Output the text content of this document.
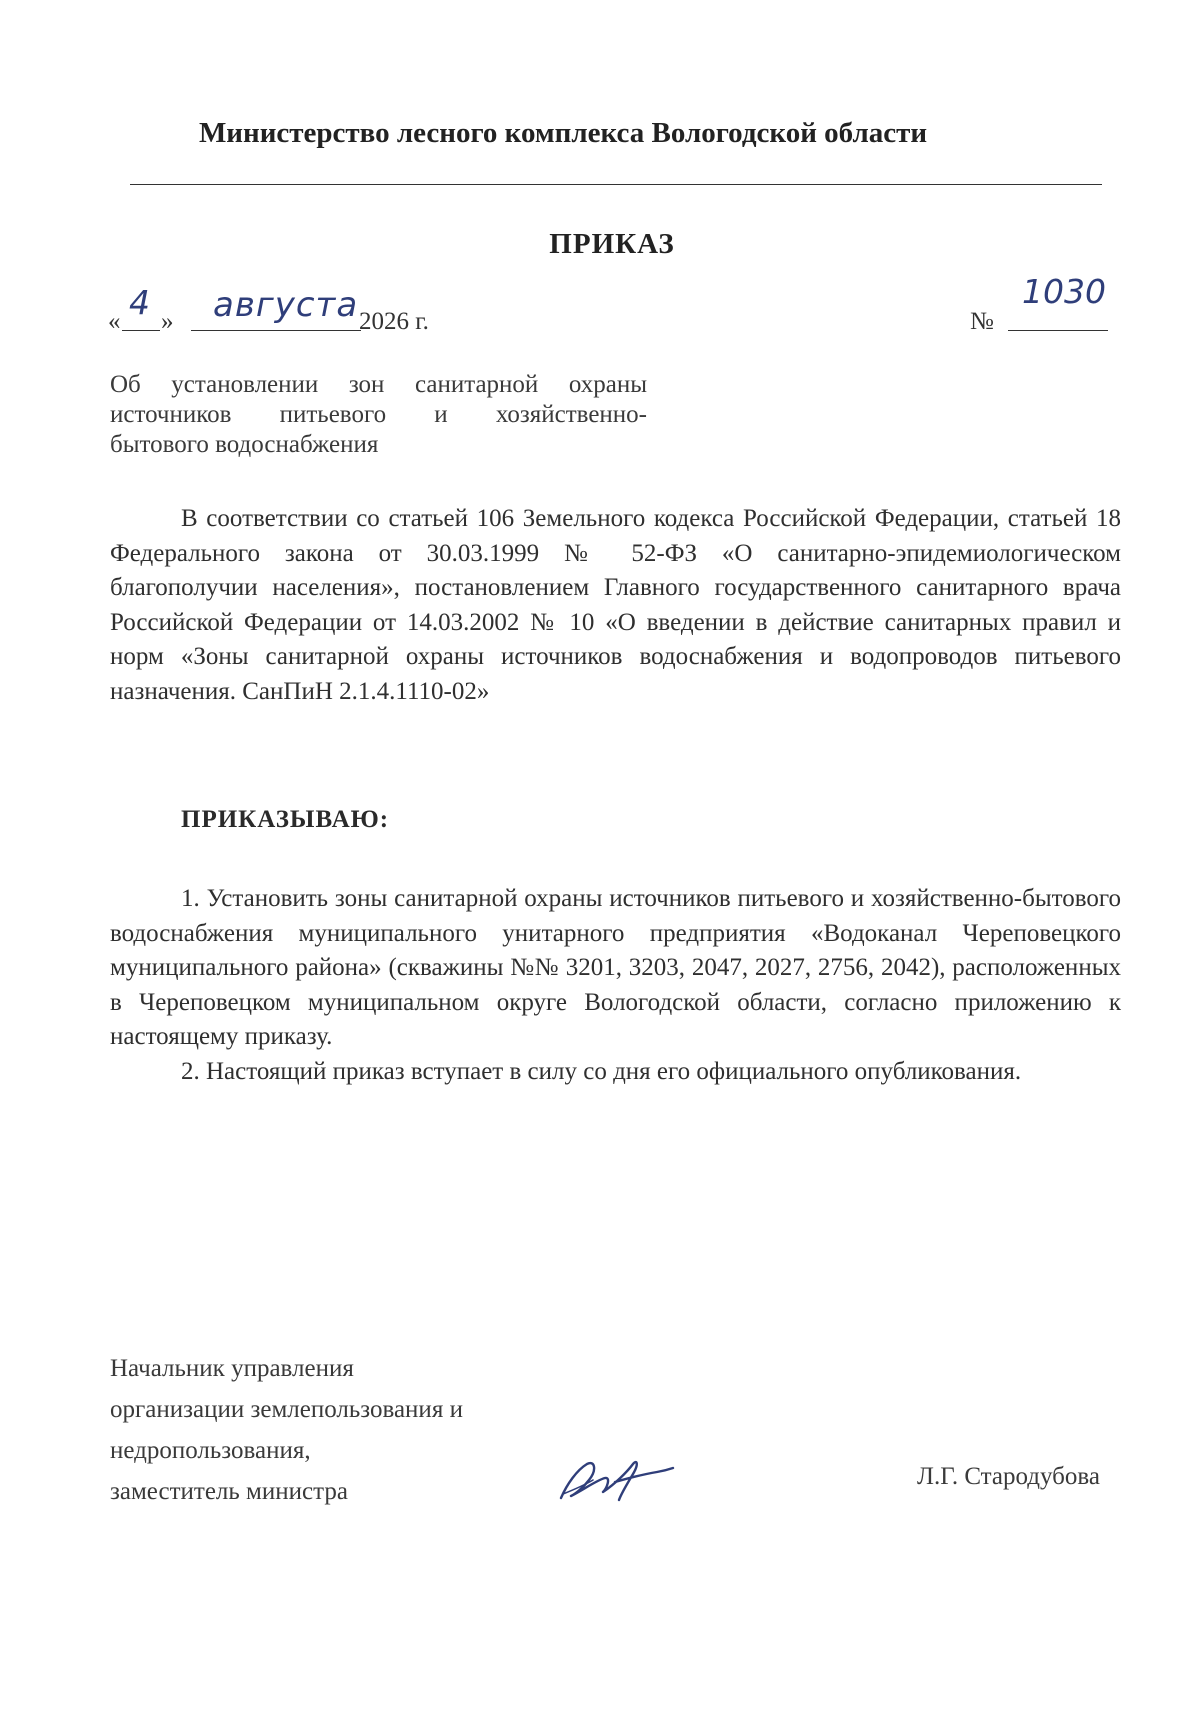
Министерство лесного комплекса Вологодской области
ПРИКАЗ
« 4 » августа 2026 г.	№
1030
Об установлении зон санитарной охраны
источников питьевого и хозяйственно-
бытового водоснабжения

В соответствии со статьей 106 Земельного кодекса Российской Федерации, статьей 18 Федерального закона от 30.03.1999 № 52-ФЗ «О санитарно-эпидемиологическом благополучии населения», постановлением Главного государственного санитарного врача Российской Федерации от 14.03.2002 № 10 «О введении в действие санитарных правил и норм «Зоны санитарной охраны источников водоснабжения и водопроводов питьевого назначения. СанПиН 2.1.4.1110-02»

ПРИКАЗЫВАЮ:

1. Установить зоны санитарной охраны источников питьевого и хозяйственно-бытового водоснабжения муниципального унитарного предприятия «Водоканал Череповецкого муниципального района» (скважины №№ 3201, 3203, 2047, 2027, 2756, 2042), расположенных в Череповецком муниципальном округе Вологодской области, согласно приложению к настоящему приказу.

2. Настоящий приказ вступает в силу со дня его официального опубликования.

Начальник управления
организации землепользования и
недропользования,
заместитель министра
Л.Г. Стародубова
